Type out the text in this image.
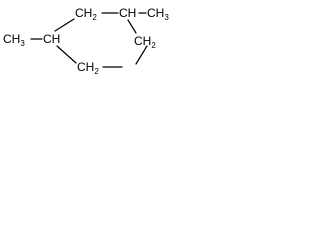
$CH_3$ CH
$CH_2$ CH $CH_3$
$CH_2$
$CH_2$
